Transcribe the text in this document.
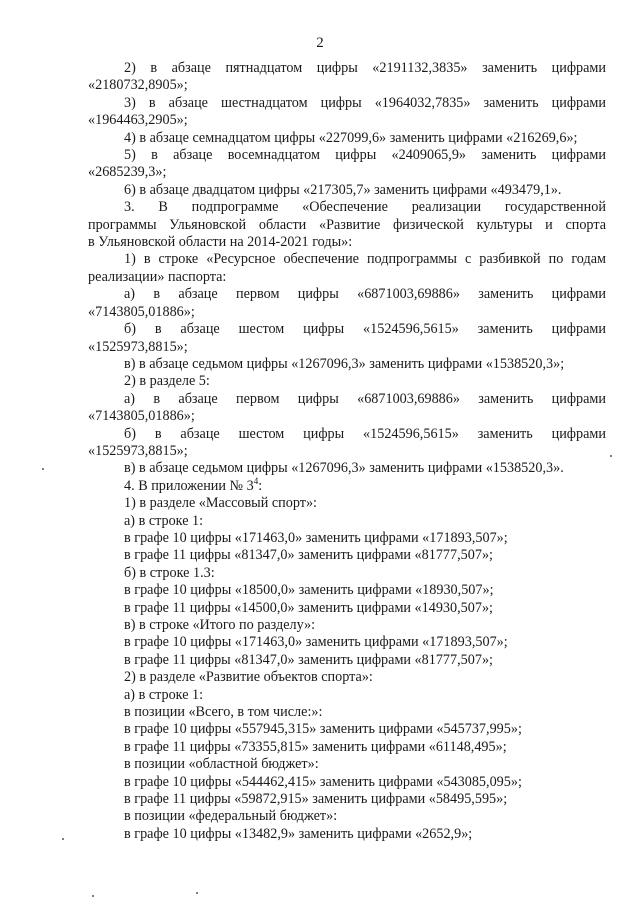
2
2) в абзаце пятнадцатом цифры «2191132,3835» заменить цифрами
«2180732,8905»;
3) в абзаце шестнадцатом цифры «1964032,7835» заменить цифрами
«1964463,2905»;
4) в абзаце семнадцатом цифры «227099,6» заменить цифрами «216269,6»;
5) в абзаце восемнадцатом цифры «2409065,9» заменить цифрами
«2685239,3»;
6) в абзаце двадцатом цифры «217305,7» заменить цифрами «493479,1».
3. В подпрограмме «Обеспечение реализации государственной
программы Ульяновской области «Развитие физической культуры и спорта
в Ульяновской области на 2014-2021 годы»:
1) в строке «Ресурсное обеспечение подпрограммы с разбивкой по годам
реализации» паспорта:
а) в абзаце первом цифры «6871003,69886» заменить цифрами
«7143805,01886»;
б) в абзаце шестом цифры «1524596,5615» заменить цифрами
«1525973,8815»;
в) в абзаце седьмом цифры «1267096,3» заменить цифрами «1538520,3»;
2) в разделе 5:
а) в абзаце первом цифры «6871003,69886» заменить цифрами
«7143805,01886»;
б) в абзаце шестом цифры «1524596,5615» заменить цифрами
«1525973,8815»;
в) в абзаце седьмом цифры «1267096,3» заменить цифрами «1538520,3».
4. В приложении № $3^4$:
1) в разделе «Массовый спорт»:
а) в строке 1:
в графе 10 цифры «171463,0» заменить цифрами «171893,507»;
в графе 11 цифры «81347,0» заменить цифрами «81777,507»;
б) в строке 1.3:
в графе 10 цифры «18500,0» заменить цифрами «18930,507»;
в графе 11 цифры «14500,0» заменить цифрами «14930,507»;
в) в строке «Итого по разделу»:
в графе 10 цифры «171463,0» заменить цифрами «171893,507»;
в графе 11 цифры «81347,0» заменить цифрами «81777,507»;
2) в разделе «Развитие объектов спорта»:
а) в строке 1:
в позиции «Всего, в том числе:»:
в графе 10 цифры «557945,315» заменить цифрами «545737,995»;
в графе 11 цифры «73355,815» заменить цифрами «61148,495»;
в позиции «областной бюджет»:
в графе 10 цифры «544462,415» заменить цифрами «543085,095»;
в графе 11 цифры «59872,915» заменить цифрами «58495,595»;
в позиции «федеральный бюджет»:
в графе 10 цифры «13482,9» заменить цифрами «2652,9»;
